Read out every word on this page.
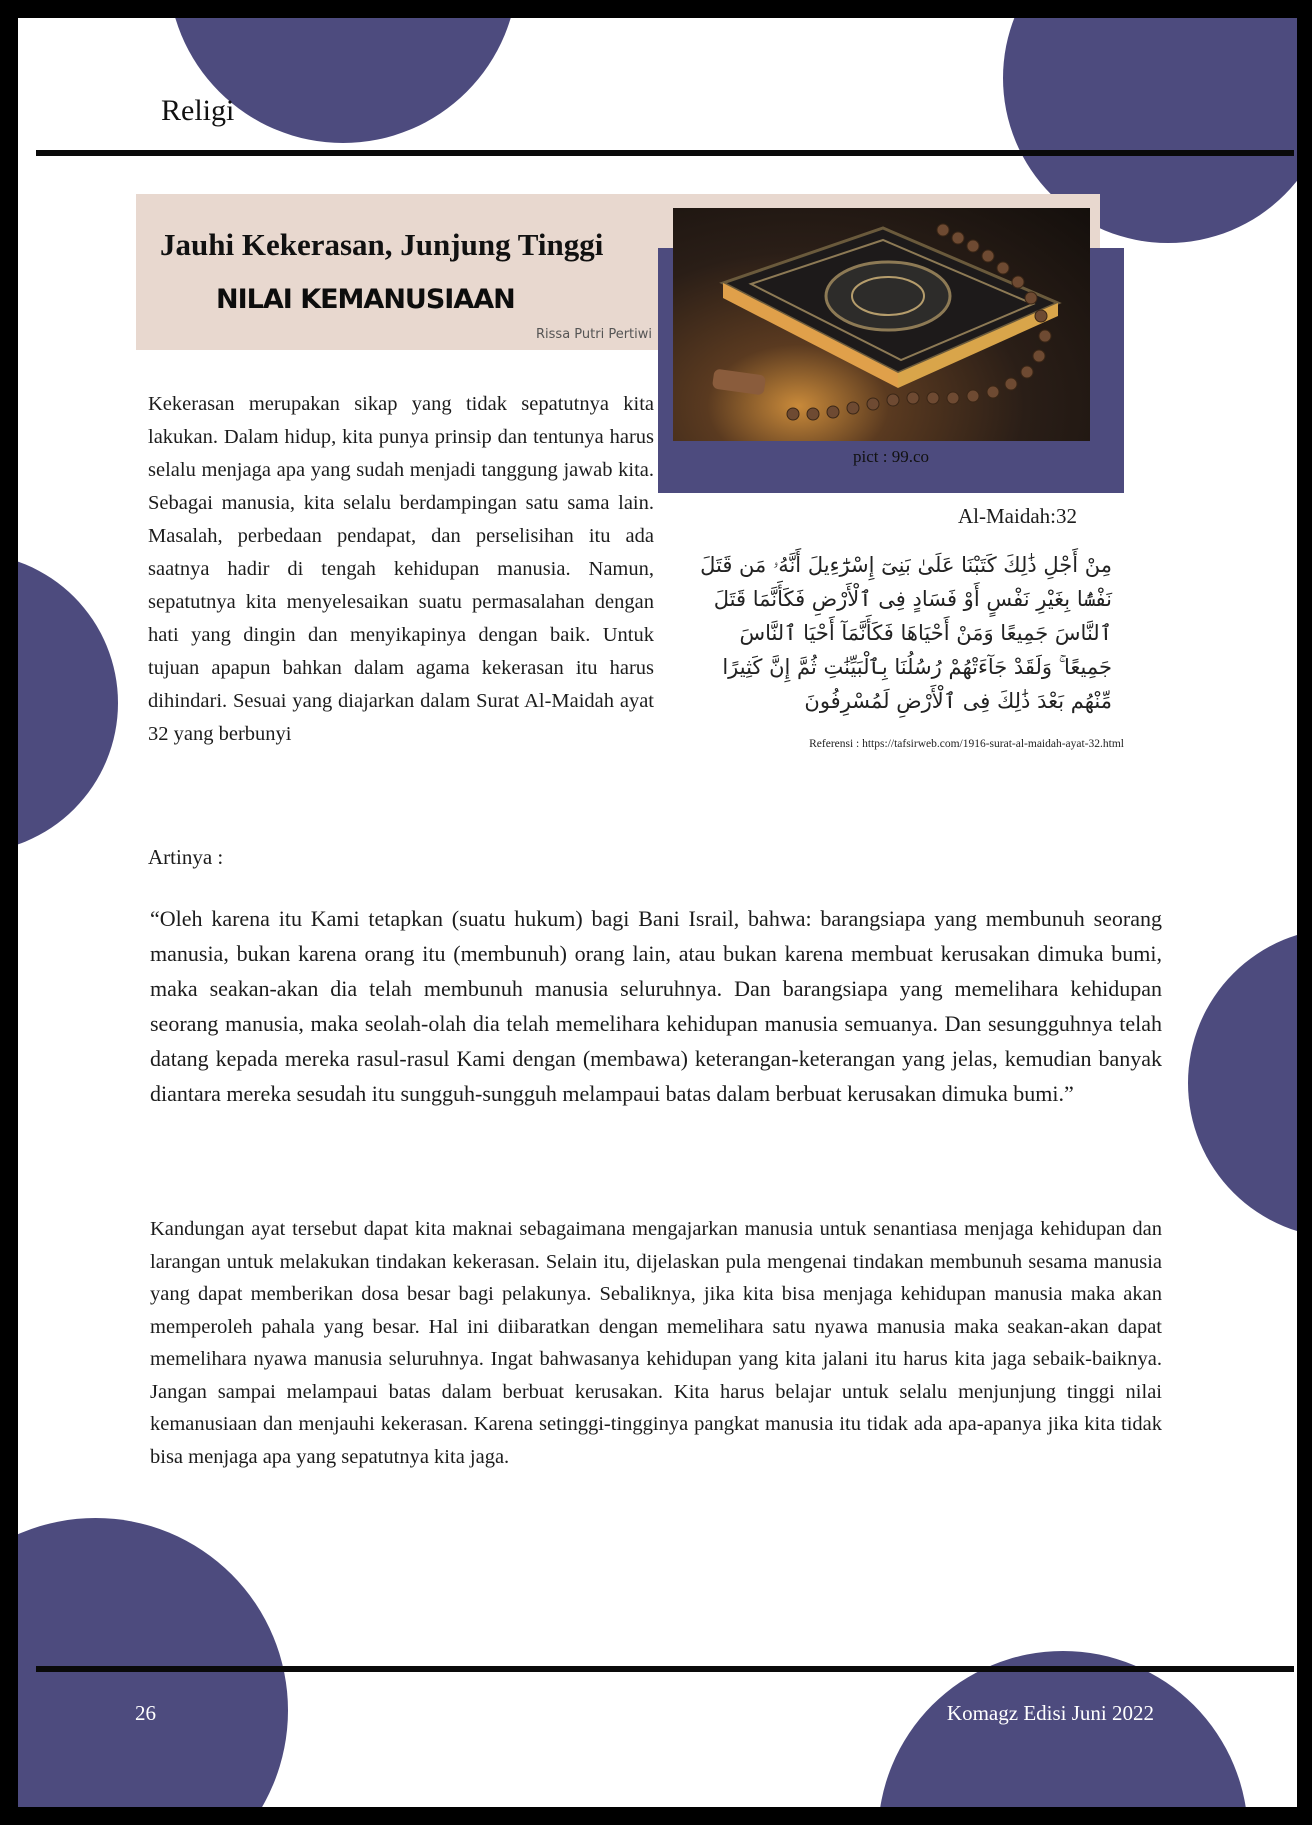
Religi
Jauhi Kekerasan, Junjung Tinggi
NILAI KEMANUSIAAN
Rissa Putri Pertiwi
pict : 99.co

Kekerasan merupakan sikap yang tidak sepatutnya kita lakukan. Dalam hidup, kita punya prinsip dan tentunya harus selalu menjaga apa yang sudah menjadi tanggung jawab kita. Sebagai manusia, kita selalu berdampingan satu sama lain. Masalah, perbedaan pendapat, dan perselisihan itu ada saatnya hadir di tengah kehidupan manusia. Namun, sepatutnya kita menyelesaikan suatu permasalahan dengan hati yang dingin dan menyikapinya dengan baik. Untuk tujuan apapun bahkan dalam agama kekerasan itu harus dihindari. Sesuai yang diajarkan dalam Surat Al-Maidah ayat 32 yang berbunyi

Al-Maidah:32
مِنْ أَجْلِ ذَٰلِكَ كَتَبْنَا عَلَىٰ بَنِىٓ إِسْرَٰٓءِيلَ أَنَّهُۥ مَن قَتَلَ نَفْسًۢا بِغَيْرِ نَفْسٍ أَوْ فَسَادٍ فِى ٱلْأَرْضِ فَكَأَنَّمَا قَتَلَ ٱلنَّاسَ جَمِيعًا وَمَنْ أَحْيَاهَا فَكَأَنَّمَآ أَحْيَا ٱلنَّاسَ جَمِيعًا ۚ وَلَقَدْ جَآءَتْهُمْ رُسُلُنَا بِٱلْبَيِّنَٰتِ ثُمَّ إِنَّ كَثِيرًا مِّنْهُم بَعْدَ ذَٰلِكَ فِى ٱلْأَرْضِ لَمُسْرِفُونَ
Referensi : https://tafsirweb.com/1916-surat-al-maidah-ayat-32.html
Artinya :

“Oleh karena itu Kami tetapkan (suatu hukum) bagi Bani Israil, bahwa: barangsiapa yang membunuh seorang manusia, bukan karena orang itu (membunuh) orang lain, atau bukan karena membuat kerusakan dimuka bumi, maka seakan-akan dia telah membunuh manusia seluruhnya. Dan barangsiapa yang memelihara kehidupan seorang manusia, maka seolah-olah dia telah memelihara kehidupan manusia semuanya. Dan sesungguhnya telah datang kepada mereka rasul-rasul Kami dengan (membawa) keterangan-keterangan yang jelas, kemudian banyak diantara mereka sesudah itu sungguh-sungguh melampaui batas dalam berbuat kerusakan dimuka bumi.”

Kandungan ayat tersebut dapat kita maknai sebagaimana mengajarkan manusia untuk senantiasa menjaga kehidupan dan larangan untuk melakukan tindakan kekerasan. Selain itu, dijelaskan pula mengenai tindakan membunuh sesama manusia yang dapat memberikan dosa besar bagi pelakunya. Sebaliknya, jika kita bisa menjaga kehidupan manusia maka akan memperoleh pahala yang besar. Hal ini diibaratkan dengan memelihara satu nyawa manusia maka seakan-akan dapat memelihara nyawa manusia seluruhnya. Ingat bahwasanya kehidupan yang kita jalani itu harus kita jaga sebaik-baiknya. Jangan sampai melampaui batas dalam berbuat kerusakan. Kita harus belajar untuk selalu menjunjung tinggi nilai kemanusiaan dan menjauhi kekerasan. Karena setinggi-tingginya pangkat manusia itu tidak ada apa-apanya jika kita tidak bisa menjaga apa yang sepatutnya kita jaga.

26	Komagz Edisi Juni 2022
